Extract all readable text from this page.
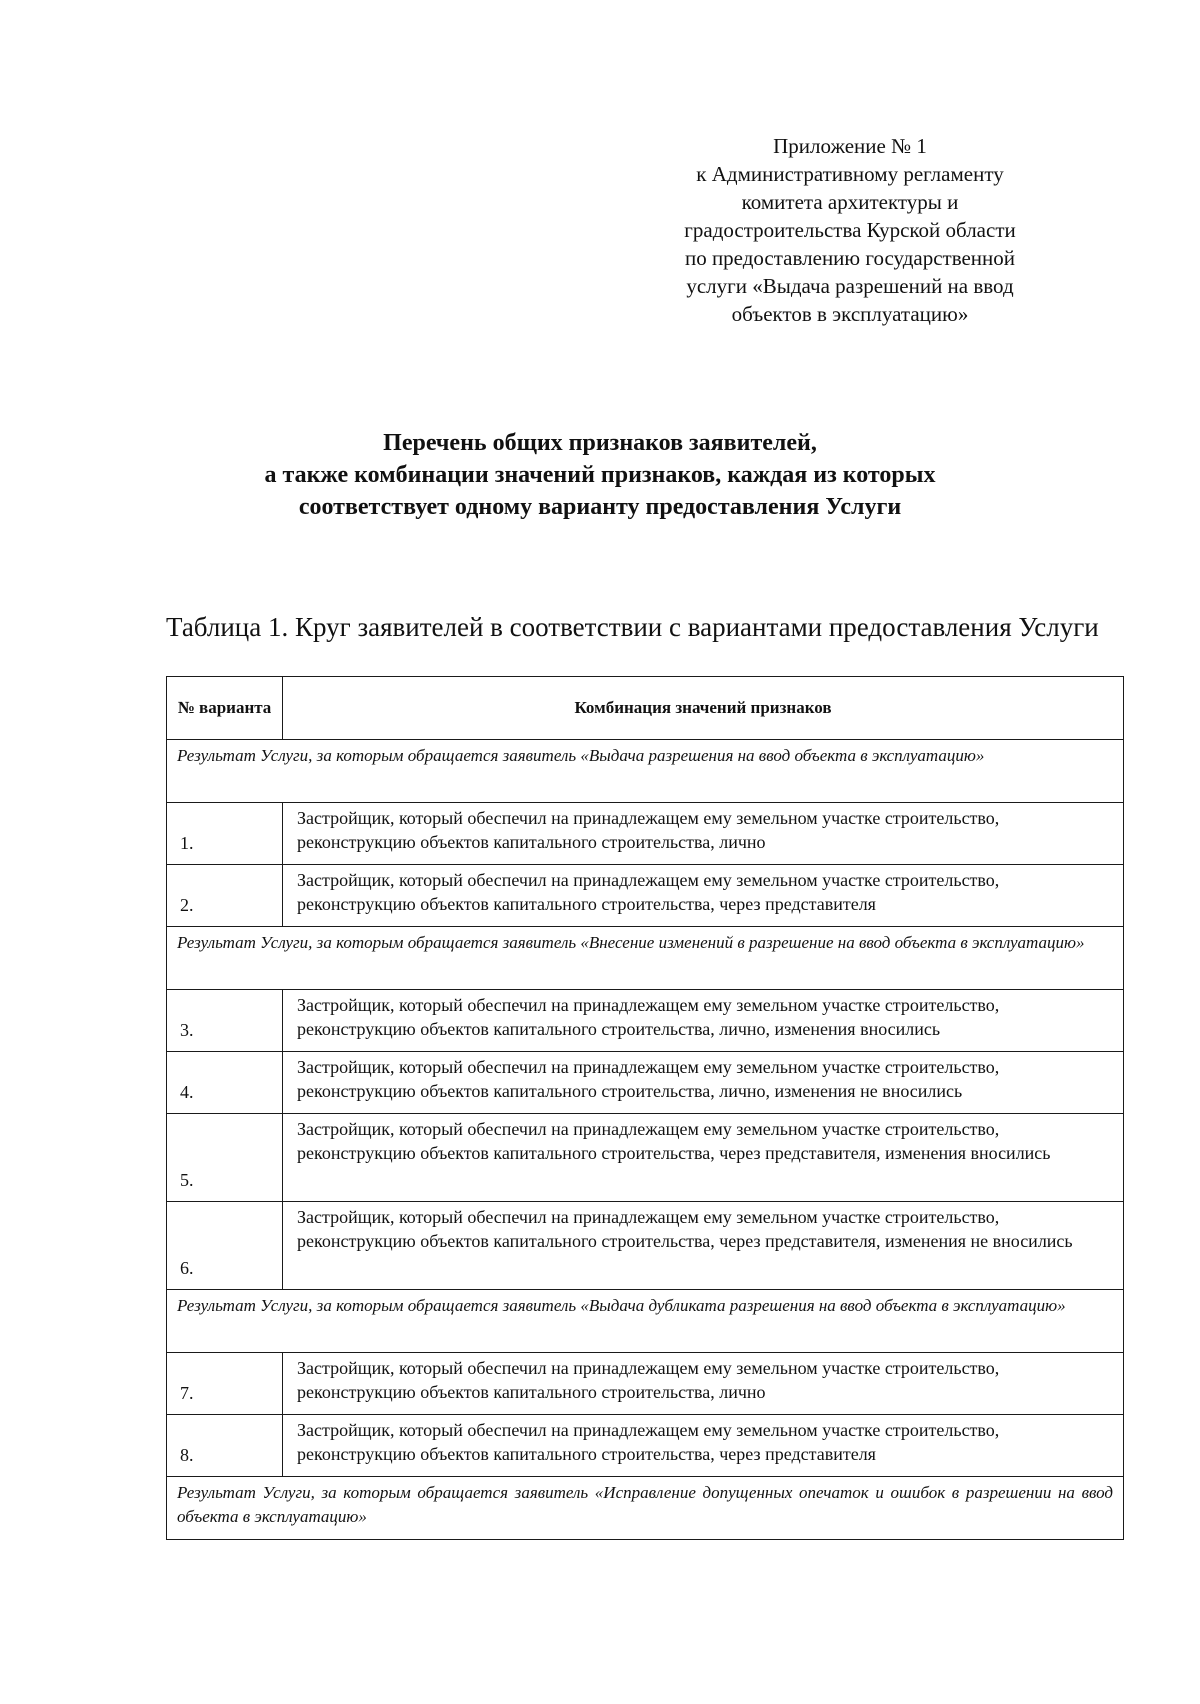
Приложение № 1
к Административному регламенту
комитета архитектуры и
градостроительства Курской области
по предоставлению государственной
услуги «Выдача разрешений на ввод
объектов в эксплуатацию»
Перечень общих признаков заявителей,
а также комбинации значений признаков, каждая из которых
соответствует одному варианту предоставления Услуги
Таблица 1. Круг заявителей в соответствии с вариантами предоставления Услуги
№ варианта	Комбинация значений признаков
Результат Услуги, за которым обращается заявитель «Выдача разрешения на ввод объекта в эксплуатацию»	
1.	Застройщик, который обеспечил на принадлежащем ему земельном участке строительство, реконструкцию объектов капитального строительства, лично
2.	Застройщик, который обеспечил на принадлежащем ему земельном участке строительство, реконструкцию объектов капитального строительства, через представителя
Результат Услуги, за которым обращается заявитель «Внесение изменений в разрешение на ввод объекта в эксплуатацию»	
3.	Застройщик, который обеспечил на принадлежащем ему земельном участке строительство, реконструкцию объектов капитального строительства, лично, изменения вносились
4.	Застройщик, который обеспечил на принадлежащем ему земельном участке строительство, реконструкцию объектов капитального строительства, лично, изменения не вносились
5.	Застройщик, который обеспечил на принадлежащем ему земельном участке строительство, реконструкцию объектов капитального строительства, через представителя, изменения вносились
6.	Застройщик, который обеспечил на принадлежащем ему земельном участке строительство, реконструкцию объектов капитального строительства, через представителя, изменения не вносились
Результат Услуги, за которым обращается заявитель «Выдача дубликата разрешения на ввод объекта в эксплуатацию»	
7.	Застройщик, который обеспечил на принадлежащем ему земельном участке строительство, реконструкцию объектов капитального строительства, лично
8.	Застройщик, который обеспечил на принадлежащем ему земельном участке строительство, реконструкцию объектов капитального строительства, через представителя
Результат Услуги, за которым обращается заявитель «Исправление допущенных опечаток и ошибок в разрешении на ввод объекта в эксплуатацию»	
